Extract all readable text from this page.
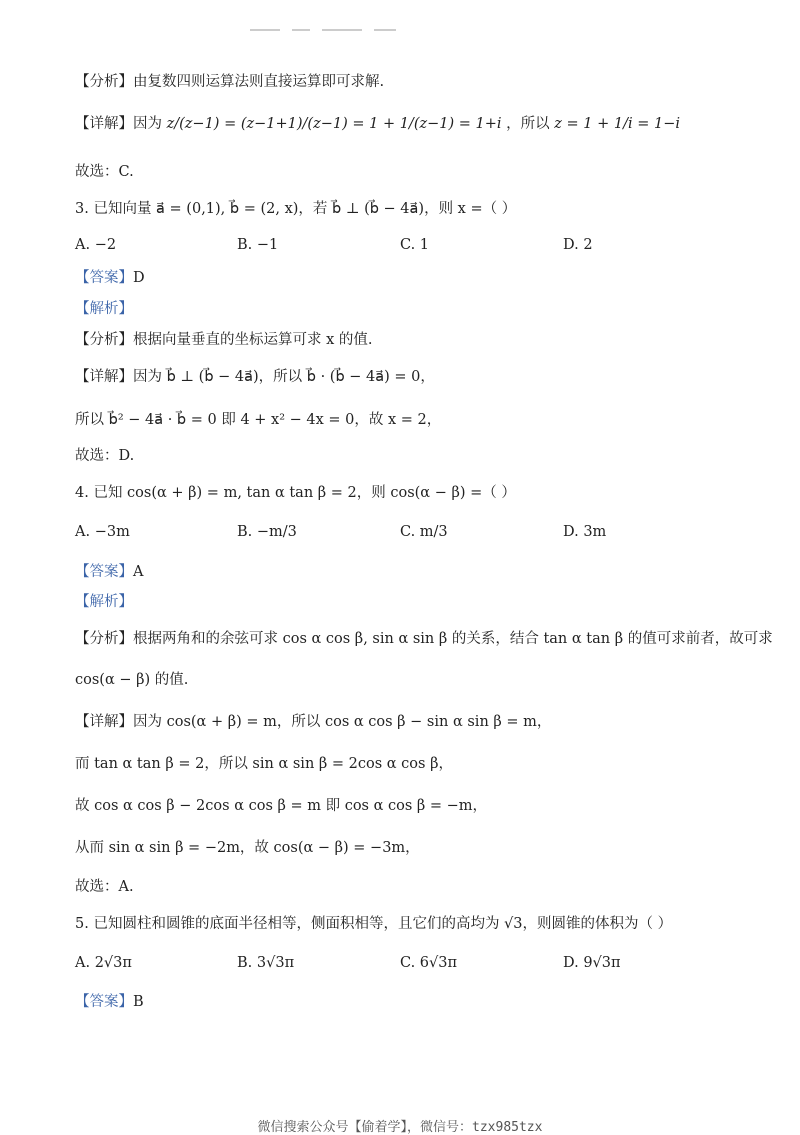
【分析】由复数四则运算法则直接运算即可求解.
【详解】因为 z/(z−1) = (z−1+1)/(z−1) = 1 + 1/(z−1) = 1+i ，所以 z = 1 + 1/i = 1−i
故选：C.
3. 已知向量 a⃗ = (0,1), b⃗ = (2, x)，若 b⃗ ⊥ (b⃗ − 4a⃗)，则 x =（ ）
A. −2	B. −1	C. 1	D. 2
【答案】D
【解析】
【分析】根据向量垂直的坐标运算可求 x 的值.
【详解】因为 b⃗ ⊥ (b⃗ − 4a⃗)，所以 b⃗ · (b⃗ − 4a⃗) = 0，
所以 b⃗² − 4a⃗ · b⃗ = 0 即 4 + x² − 4x = 0，故 x = 2，
故选：D.
4. 已知 cos(α + β) = m, tan α tan β = 2，则 cos(α − β) =（ ）
A. −3m	B. −m/3	C. m/3	D. 3m
【答案】A
【解析】
【分析】根据两角和的余弦可求 cos α cos β, sin α sin β 的关系，结合 tan α tan β 的值可求前者，故可求
cos(α − β) 的值.
【详解】因为 cos(α + β) = m，所以 cos α cos β − sin α sin β = m，
而 tan α tan β = 2，所以 sin α sin β = 2cos α cos β，
故 cos α cos β − 2cos α cos β = m 即 cos α cos β = −m，
从而 sin α sin β = −2m，故 cos(α − β) = −3m，
故选：A.
5. 已知圆柱和圆锥的底面半径相等，侧面积相等，且它们的高均为 √3，则圆锥的体积为（ ）
A. 2√3π	B. 3√3π	C. 6√3π	D. 9√3π
【答案】B
微信搜索公众号【偷着学】，微信号：tzx985tzx
